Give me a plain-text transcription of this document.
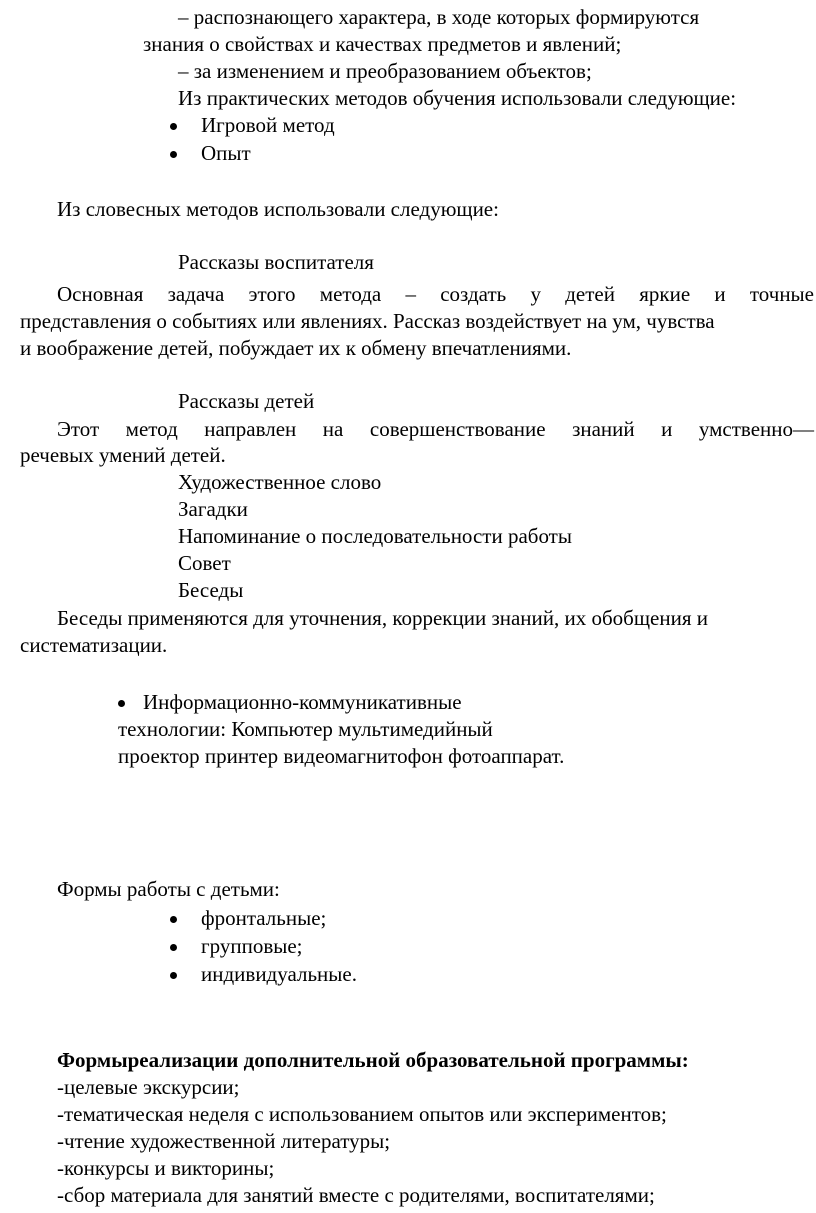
– распознающего характера, в ходе которых формируются
знания о свойствах и качествах предметов и явлений;
– за изменением и преобразованием объектов;
Из практических методов обучения использовали следующие:
Игровой метод
Опыт
Из словесных методов использовали следующие:
Рассказы воспитателя
Основная задача этого метода – создать у детей яркие и точные
представления о событиях или явлениях. Рассказ воздействует на ум, чувства
и воображение детей, побуждает их к обмену впечатлениями.
Рассказы детей
Этот метод направлен на совершенствование знаний и умственно—
речевых умений детей.
Художественное слово
Загадки
Напоминание о последовательности работы
Совет
Беседы
Беседы применяются для уточнения, коррекции знаний, их обобщения и
систематизации.
Информационно-коммуникативные
технологии: Компьютер мультимедийный
проектор принтер видеомагнитофон фотоаппарат.
Формы работы с детьми:
фронтальные;
групповые;
индивидуальные.
Формыреализации дополнительной образовательной программы:
-целевые экскурсии;
-тематическая неделя с использованием опытов или экспериментов;
-чтение художественной литературы;
-конкурсы и викторины;
-сбор материала для занятий вместе с родителями, воспитателями;
